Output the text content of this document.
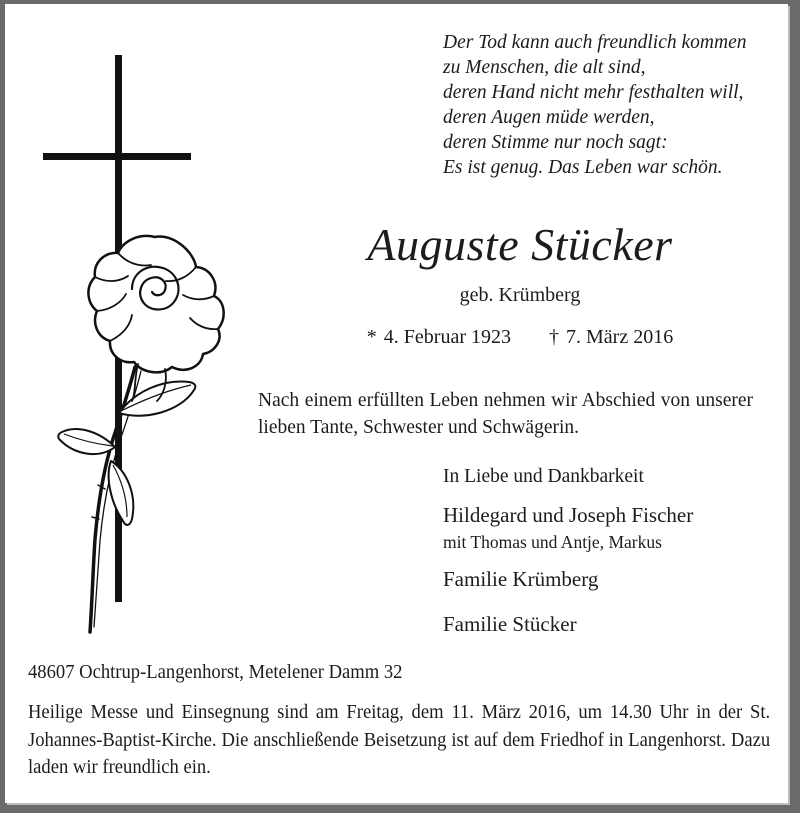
Der Tod kann auch freundlich kommen
zu Menschen, die alt sind,
deren Hand nicht mehr festhalten will,
deren Augen müde werden,
deren Stimme nur noch sagt:
Es ist genug. Das Leben war schön.
Auguste Stücker
geb. Krümberg
* 4. Februar 1923 † 7. März 2016
Nach einem erfüllten Leben nehmen wir Abschied von unserer lieben Tante, Schwester und Schwägerin.
In Liebe und Dankbarkeit
Hildegard und Joseph Fischer
mit Thomas und Antje, Markus
Familie Krümberg
Familie Stücker
48607 Ochtrup-Langenhorst, Metelener Damm 32
Heilige Messe und Einsegnung sind am Freitag, dem 11. März 2016, um 14.30 Uhr in der St. Johannes-Baptist-Kirche. Die anschließende Beisetzung ist auf dem Friedhof in Langenhorst. Dazu laden wir freundlich ein.
